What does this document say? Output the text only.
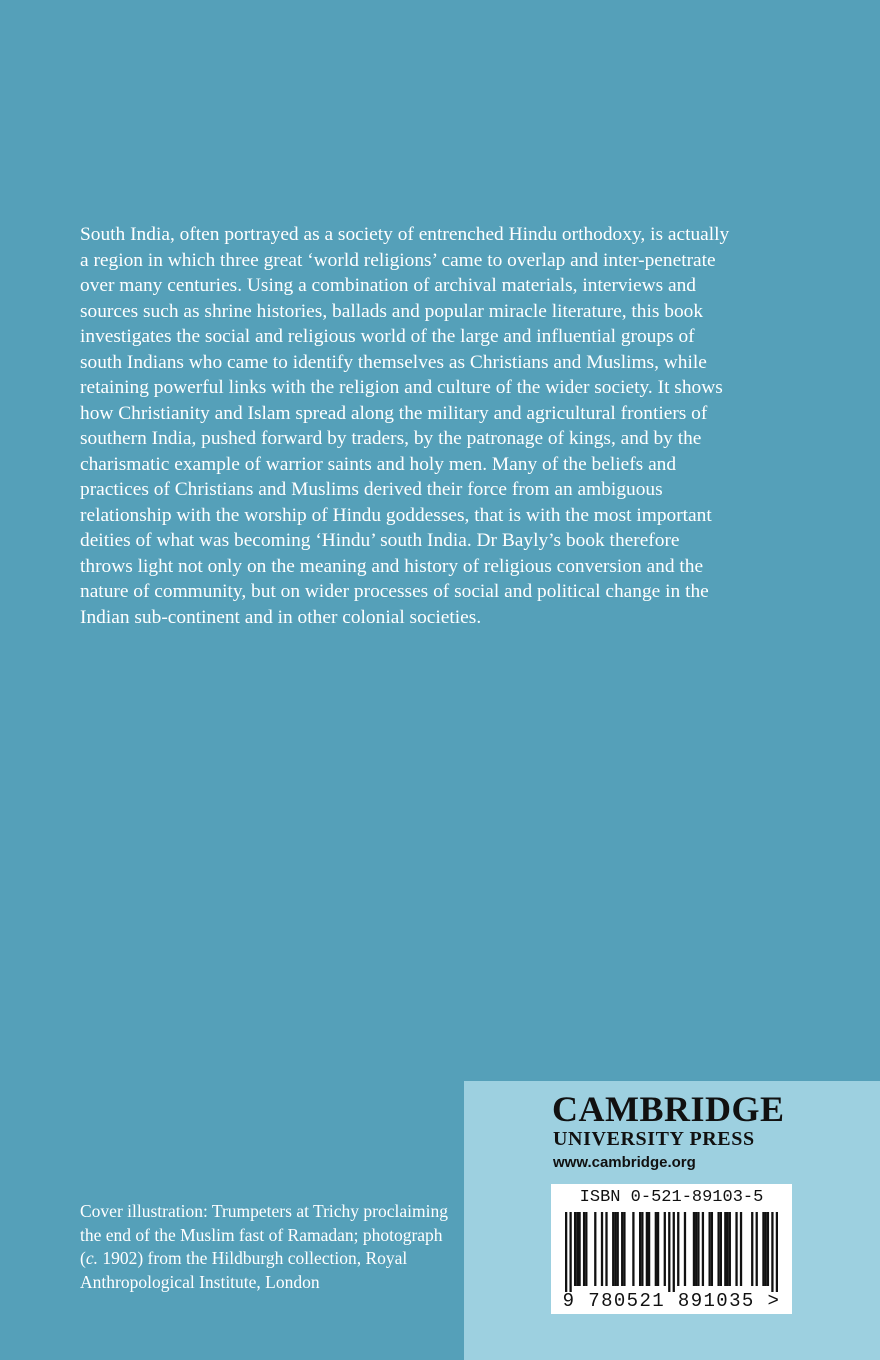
South India, often portrayed as a society of entrenched Hindu orthodoxy, is actually a region in which three great ‘world religions’ came to overlap and inter-penetrate over many centuries. Using a combination of archival materials, interviews and sources such as shrine histories, ballads and popular miracle literature, this book investigates the social and religious world of the large and influential groups of south Indians who came to identify themselves as Christians and Muslims, while retaining powerful links with the religion and culture of the wider society. It shows how Christianity and Islam spread along the military and agricultural frontiers of southern India, pushed forward by traders, by the patronage of kings, and by the charismatic example of warrior saints and holy men. Many of the beliefs and practices of Christians and Muslims derived their force from an ambiguous relationship with the worship of Hindu goddesses, that is with the most important deities of what was becoming ‘Hindu’ south India. Dr Bayly’s book therefore throws light not only on the meaning and history of religious conversion and the nature of community, but on wider processes of social and political change in the Indian sub-continent and in other colonial societies.

Cover illustration: Trumpeters at Trichy proclaiming the end of the Muslim fast of Ramadan; photograph (c. 1902) from the Hildburgh collection, Royal Anthropological Institute, London

CAMBRIDGE
UNIVERSITY PRESS
www.cambridge.org
ISBN 0-521-89103-5
9 780521 891035 >
